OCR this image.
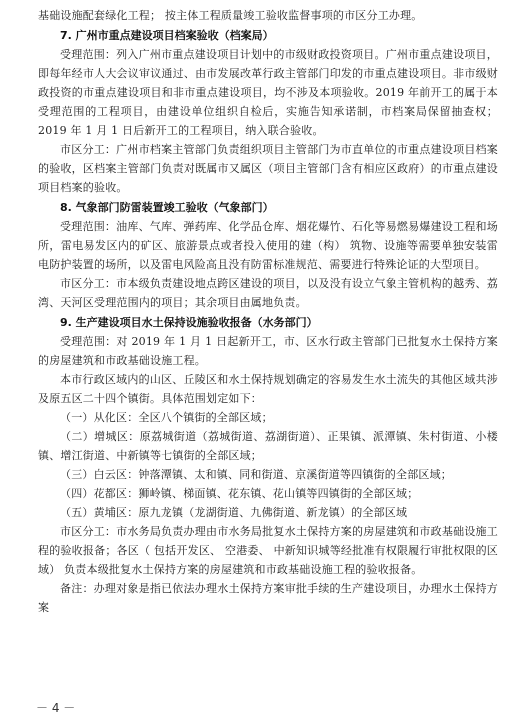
基础设施配套绿化工程； 按主体工程质量竣工验收监督事项的市区分工办理。

7. 广州市重点建设项目档案验收（档案局）

受理范围：列入广州市重点建设项目计划中的市级财政投资项目。广州市重点建设项目，即每年经市人大会议审议通过、由市发展改革行政主管部门印发的市重点建设项目。非市级财政投资的市重点建设项目和非市重点建设项目，均不涉及本项验收。2019 年前开工的属于本受理范围的工程项目，由建设单位组织自检后，实施告知承诺制，市档案局保留抽查权；2019 年 1 月 1 日后新开工的工程项目，纳入联合验收。

市区分工：广州市档案主管部门负责组织项目主管部门为市直单位的市重点建设项目档案的验收，区档案主管部门负责对既属市又属区（项目主管部门含有相应区政府）的市重点建设项目档案的验收。

8. 气象部门防雷装置竣工验收（气象部门）

受理范围：油库、气库、弹药库、化学品仓库、烟花爆竹、石化等易燃易爆建设工程和场所，雷电易发区内的矿区、旅游景点或者投入使用的建（构） 筑物、设施等需要单独安装雷电防护装置的场所，以及雷电风险高且没有防雷标准规范、需要进行特殊论证的大型项目。

市区分工：市本级负责建设地点跨区建设的项目，以及没有设立气象主管机构的越秀、荔湾、天河区受理范围内的项目；其余项目由属地负责。

9. 生产建设项目水土保持设施验收报备（水务部门）

受理范围：对 2019 年 1 月 1 日起新开工，市、区水行政主管部门已批复水土保持方案的房屋建筑和市政基础设施工程。

本市行政区域内的山区、丘陵区和水土保持规划确定的容易发生水土流失的其他区域共涉及原五区二十四个镇街。具体范围划定如下：

（一）从化区：全区八个镇街的全部区域；

（二）增城区：原荔城街道（荔城街道、荔湖街道）、正果镇、派潭镇、朱村街道、小楼镇、增江街道、中新镇等七镇街的全部区域；

（三）白云区：钟落潭镇、太和镇、同和街道、京溪街道等四镇街的全部区域；

（四）花都区：狮岭镇、梯面镇、花东镇、花山镇等四镇街的全部区域；

（五）黄埔区：原九龙镇（龙湖街道、九佛街道、新龙镇）的全部区域

市区分工：市水务局负责办理由市水务局批复水土保持方案的房屋建筑和市政基础设施工程的验收报备；各区（ 包括开发区、 空港委、 中新知识城等经批准有权限履行审批权限的区域） 负责本级批复水土保持方案的房屋建筑和市政基础设施工程的验收报备。

备注：办理对象是指已依法办理水土保持方案审批手续的生产建设项目，办理水土保持方案

－ 4 －
